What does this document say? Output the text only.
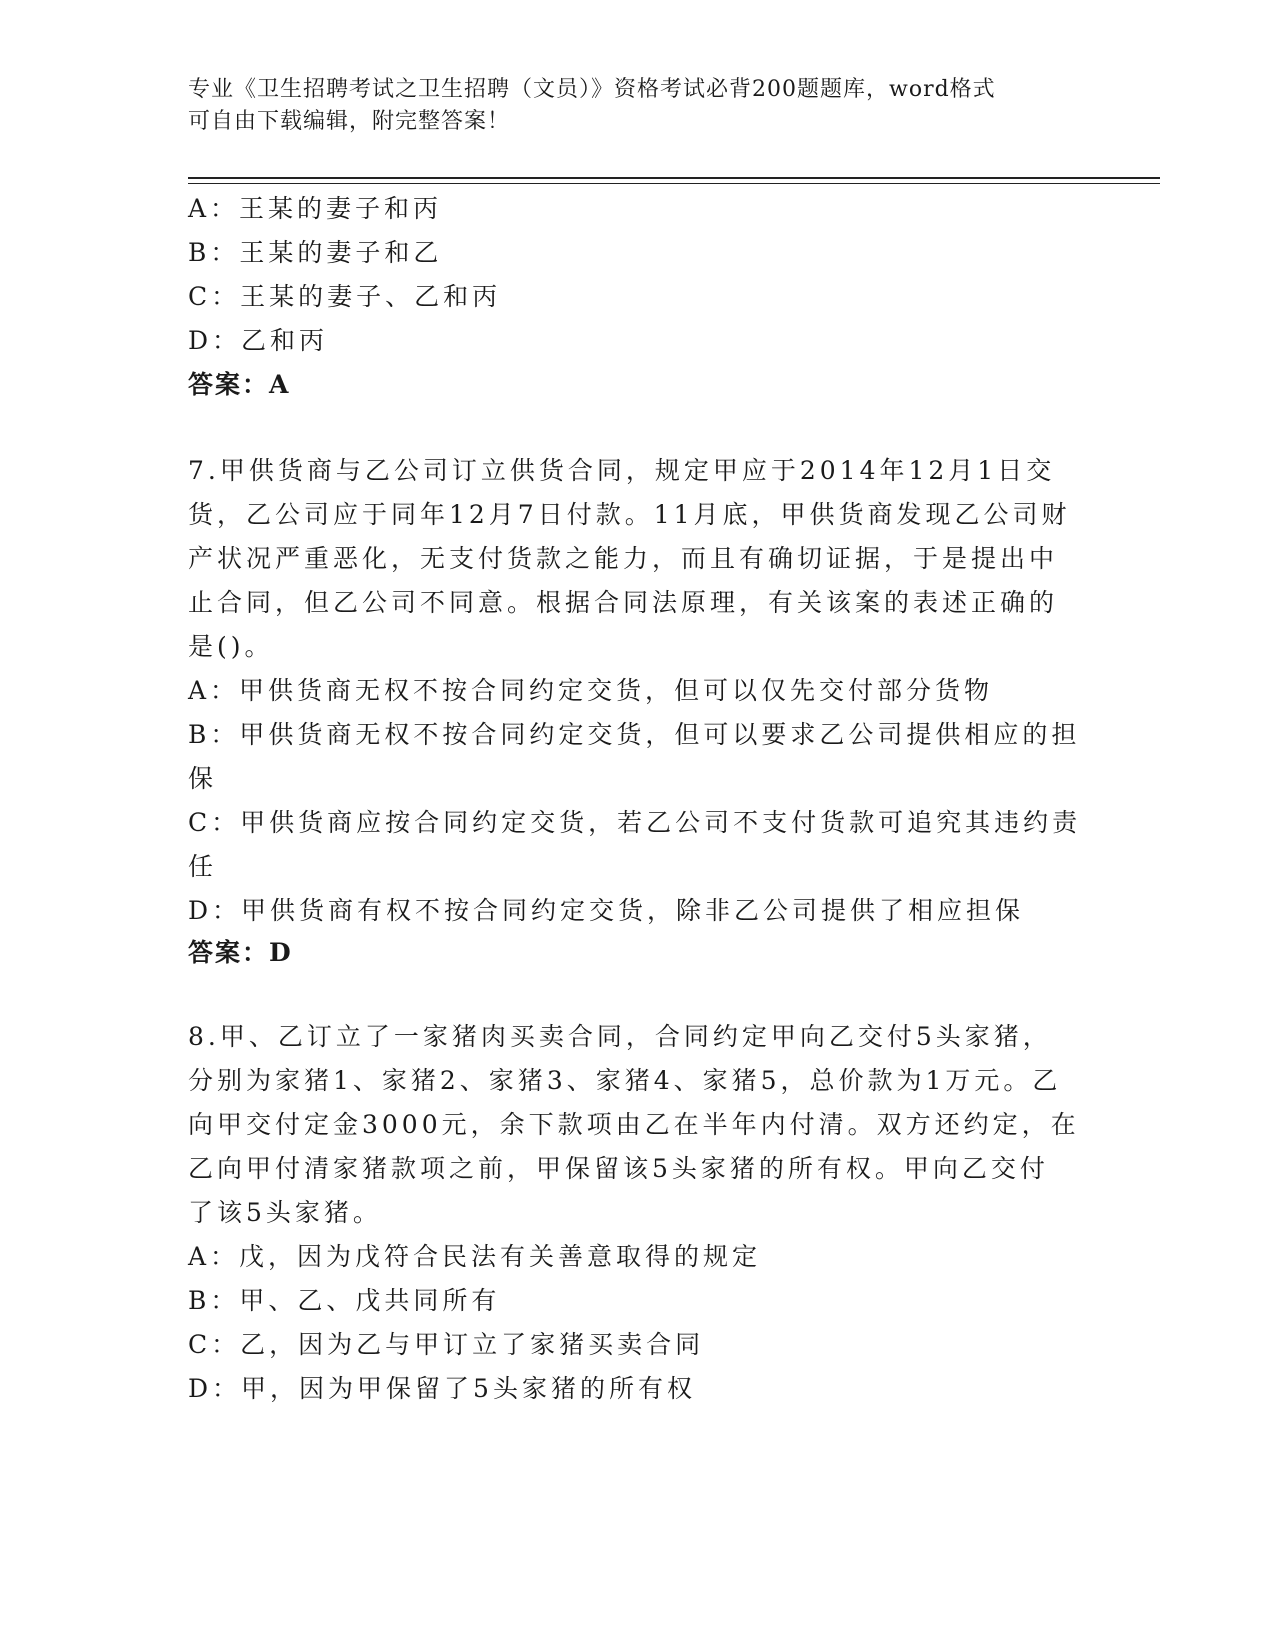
专业《卫生招聘考试之卫生招聘（文员）》资格考试必背200题题库，word格式
可自由下载编辑，附完整答案！
A：王某的妻子和丙
B：王某的妻子和乙
C：王某的妻子、乙和丙
D：乙和丙
答案：A
7.甲供货商与乙公司订立供货合同，规定甲应于2014年12月1日交
货，乙公司应于同年12月7日付款。11月底，甲供货商发现乙公司财
产状况严重恶化，无支付货款之能力，而且有确切证据，于是提出中
止合同，但乙公司不同意。根据合同法原理，有关该案的表述正确的
是()。
A：甲供货商无权不按合同约定交货，但可以仅先交付部分货物
B：甲供货商无权不按合同约定交货，但可以要求乙公司提供相应的担
保
C：甲供货商应按合同约定交货，若乙公司不支付货款可追究其违约责
任
D：甲供货商有权不按合同约定交货，除非乙公司提供了相应担保
答案：D
8.甲、乙订立了一家猪肉买卖合同，合同约定甲向乙交付5头家猪，
分别为家猪1、家猪2、家猪3、家猪4、家猪5，总价款为1万元。乙
向甲交付定金3000元，余下款项由乙在半年内付清。双方还约定，在
乙向甲付清家猪款项之前，甲保留该5头家猪的所有权。甲向乙交付
了该5头家猪。
A：戊，因为戊符合民法有关善意取得的规定
B：甲、乙、戊共同所有
C：乙，因为乙与甲订立了家猪买卖合同
D：甲，因为甲保留了5头家猪的所有权
